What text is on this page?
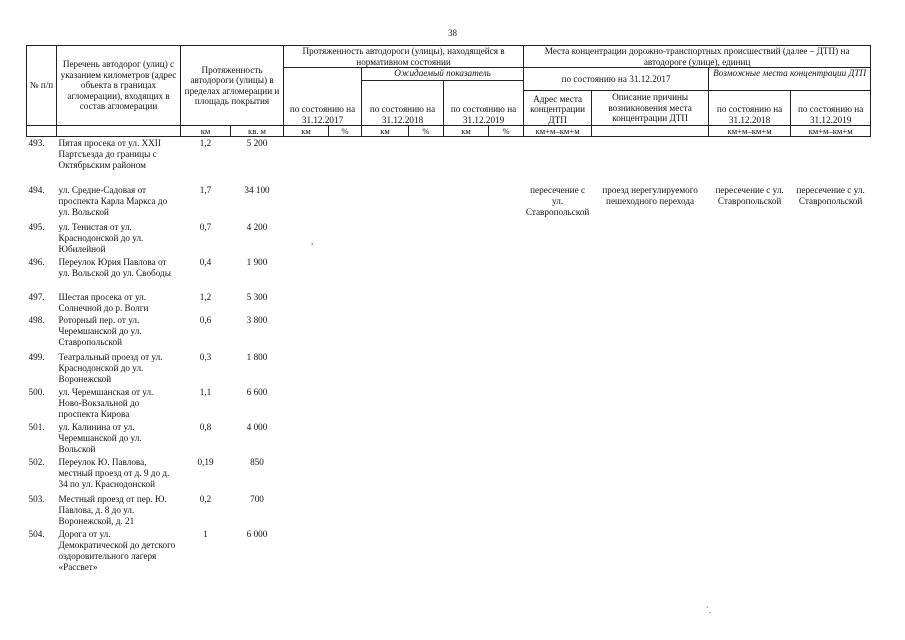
38
№ п/п	Перечень автодорог (улиц) с указанием километров (адрес объекта в границах агломерации), входящих в состав агломерации	Протяженность автодороги (улицы) в пределах агломерации и площадь покрытия		Протяженность автодороги (улицы), находящейся в нормативном состоянии						Места концентрации дорожно-транспортных происшествий (далее – ДТП) на автодороге (улице), единиц			
				по состоянию на 31.12.2017		Ожидаемый показатель				по состоянию на 31.12.2017		Возможные места концентрации ДТП	
						по состоянию на 31.12.2018		по состоянию на 31.12.2019					
										Адрес места концентрации ДТП	Описание причины возникновения места концентрации ДТП	по состоянию на 31.12.2018	по состоянию на 31.12.2019
		км	кв. м	км	%	км	%	км	%	км+м–км+м		км+м–км+м	км+м–км+м
493.	Пятая просека от ул. XXII Партсъезда до границы с Октябрьским районом	1,2	5 200										
494.	ул. Средне-Садовая от проспекта Карла Маркса до ул. Вольской	1,7	34 100							пересечение с ул. Ставропольской	проезд нерегулируемого пешеходного перехода	пересечение с ул. Ставропольской	пересечение с ул. Ставропольской
495.	ул. Тенистая от ул. Краснодонской до ул. Юбилейной	0,7	4 200										
496.	Переулок Юрия Павлова от ул. Вольской до ул. Свободы	0,4	1 900										
497.	Шестая просека от ул. Солнечной до р. Волги	1,2	5 300										
498.	Роторный пер. от ул. Черемшанской до ул. Ставропольской	0,6	3 800										
499.	Театральный проезд от ул. Краснодонской до ул. Воронежской	0,3	1 800										
500.	ул. Черемшанская от ул. Ново-Вокзальной до проспекта Кирова	1,1	6 600										
501.	ул. Калинина от ул. Черемшанской до ул. Вольской	0,8	4 000										
502.	Переулок Ю. Павлова, местный проезд от д. 9 до д. 34 по ул. Краснодонской	0,19	850										
503.	Местный проезд от пер. Ю. Павлова, д. 8 до ул. Воронежской, д. 21	0,2	700										
504.	Дорога от ул. Демократической до детского оздоровительного лагеря «Рассвет»	1	6 000										
,
ˋ.
